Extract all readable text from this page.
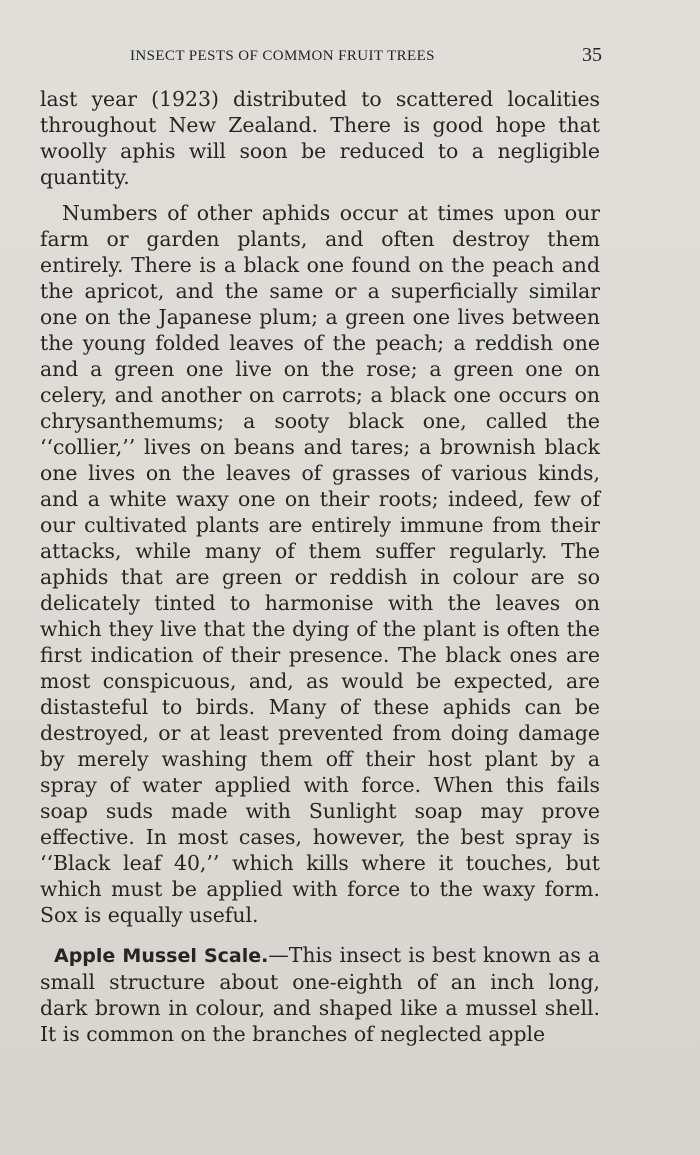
INSECT PESTS OF COMMON FRUIT TREES	35

last year (1923) distributed to scattered localities throughout New Zealand. There is good hope that woolly aphis will soon be reduced to a negligible quantity.

Numbers of other aphids occur at times upon our farm or garden plants, and often destroy them entirely. There is a black one found on the peach and the apricot, and the same or a superficially similar one on the Japanese plum; a green one lives between the young folded leaves of the peach; a reddish one and a green one live on the rose; a green one on celery, and another on carrots; a black one occurs on chrysanthemums; a sooty black one, called the ‘‘collier,’’ lives on beans and tares; a brownish black one lives on the leaves of grasses of various kinds, and a white waxy one on their roots; indeed, few of our cultivated plants are entirely immune from their attacks, while many of them suffer regularly. The aphids that are green or reddish in colour are so delicately tinted to harmonise with the leaves on which they live that the dying of the plant is often the first indication of their presence. The black ones are most conspicuous, and, as would be expected, are distasteful to birds. Many of these aphids can be destroyed, or at least prevented from doing damage by merely washing them off their host plant by a spray of water applied with force. When this fails soap suds made with Sunlight soap may prove effective. In most cases, however, the best spray is ‘‘Black leaf 40,’’ which kills where it touches, but which must be applied with force to the waxy form. Sox is equally useful.

Apple Mussel Scale.—This insect is best known as a small structure about one-eighth of an inch long, dark brown in colour, and shaped like a mussel shell. It is common on the branches of neglected apple
